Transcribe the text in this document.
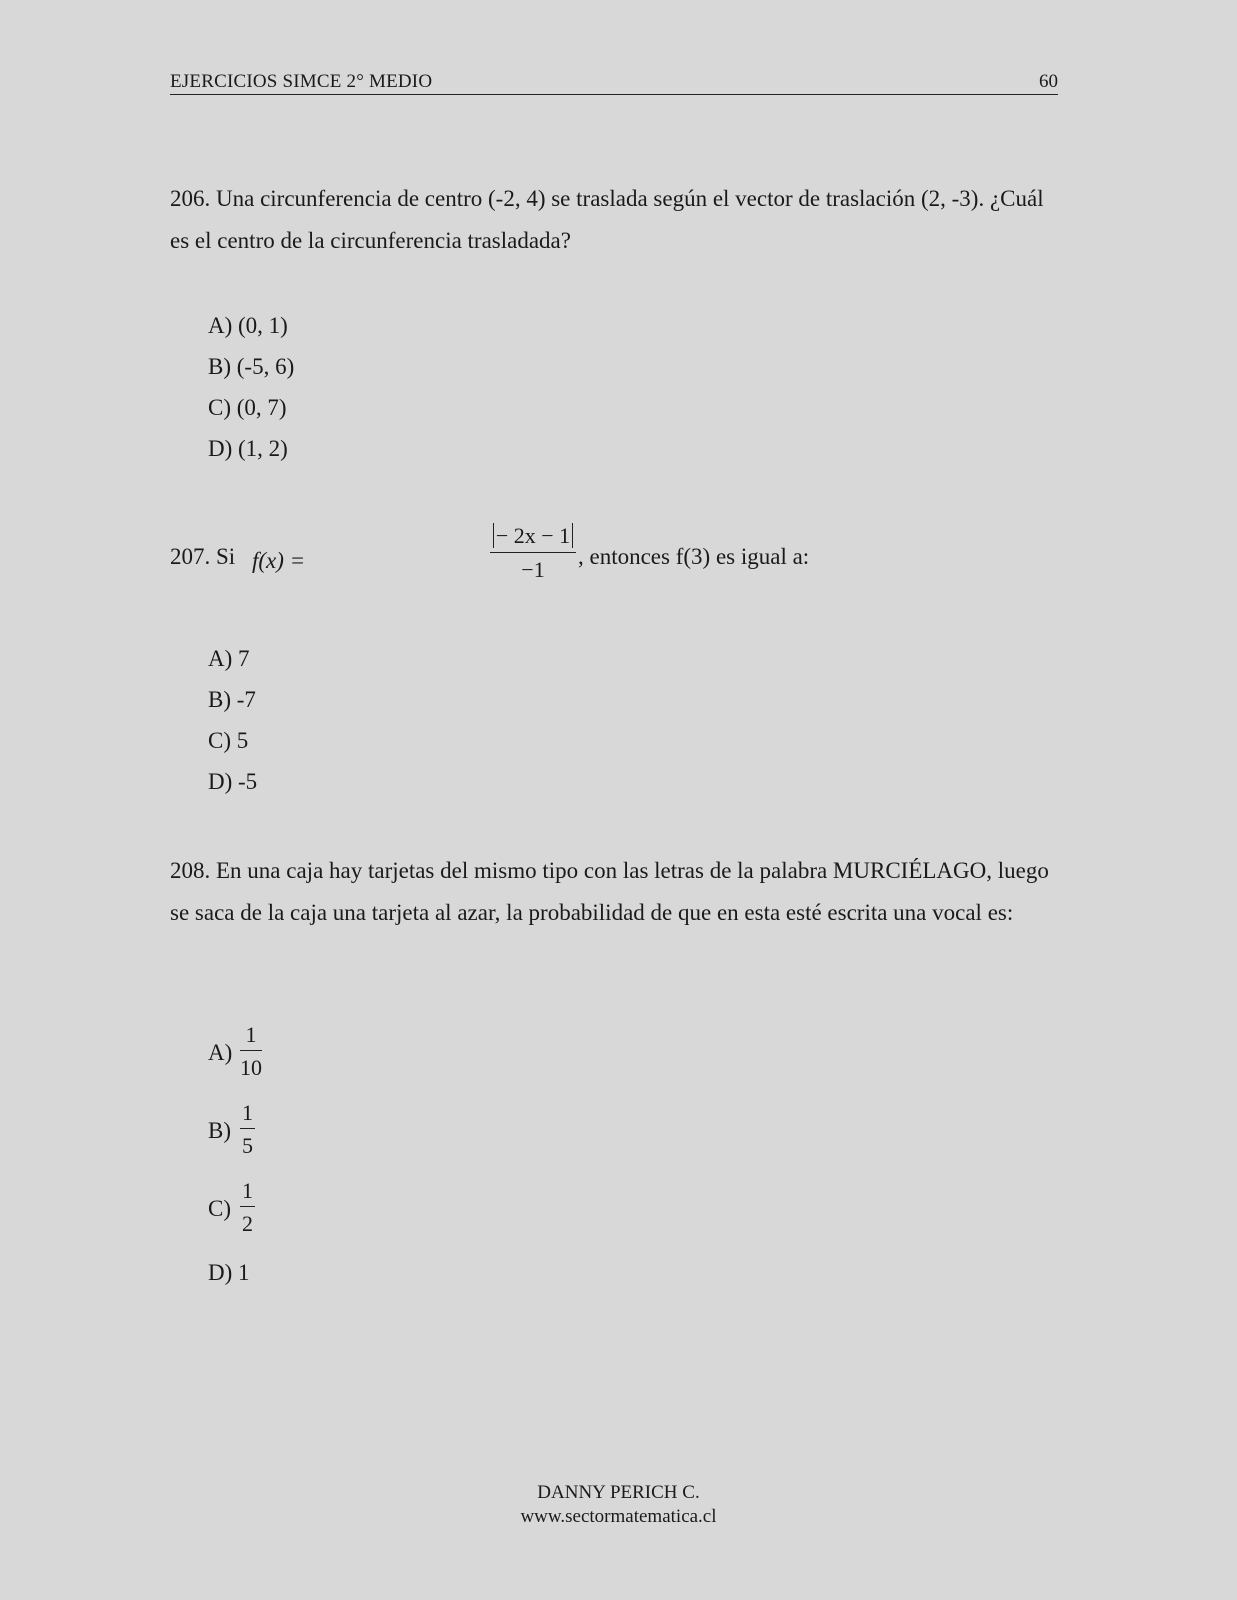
EJERCICIOS SIMCE 2° MEDIO	60
206. Una circunferencia de centro (-2, 4) se traslada según el vector de traslación (2, -3). ¿Cuál es el centro de la circunferencia trasladada?
A) (0, 1)
B) (-5, 6)
C) (0, 7)
D) (1, 2)
207. Si f(x) =	$\frac{- 2x - 1}{-1}$ , entonces f(3) es igual a:
A) 7
B) -7
C) 5
D) -5
208. En una caja hay tarjetas del mismo tipo con las letras de la palabra MURCIÉLAGO, luego se saca de la caja una tarjeta al azar, la probabilidad de que en esta esté escrita una vocal es:
$A) \frac{1}{10}$
$B) \frac{1}{5}$
$C) \frac{1}{2}$
D) 1
DANNY PERICH C.
www.sectormatematica.cl
